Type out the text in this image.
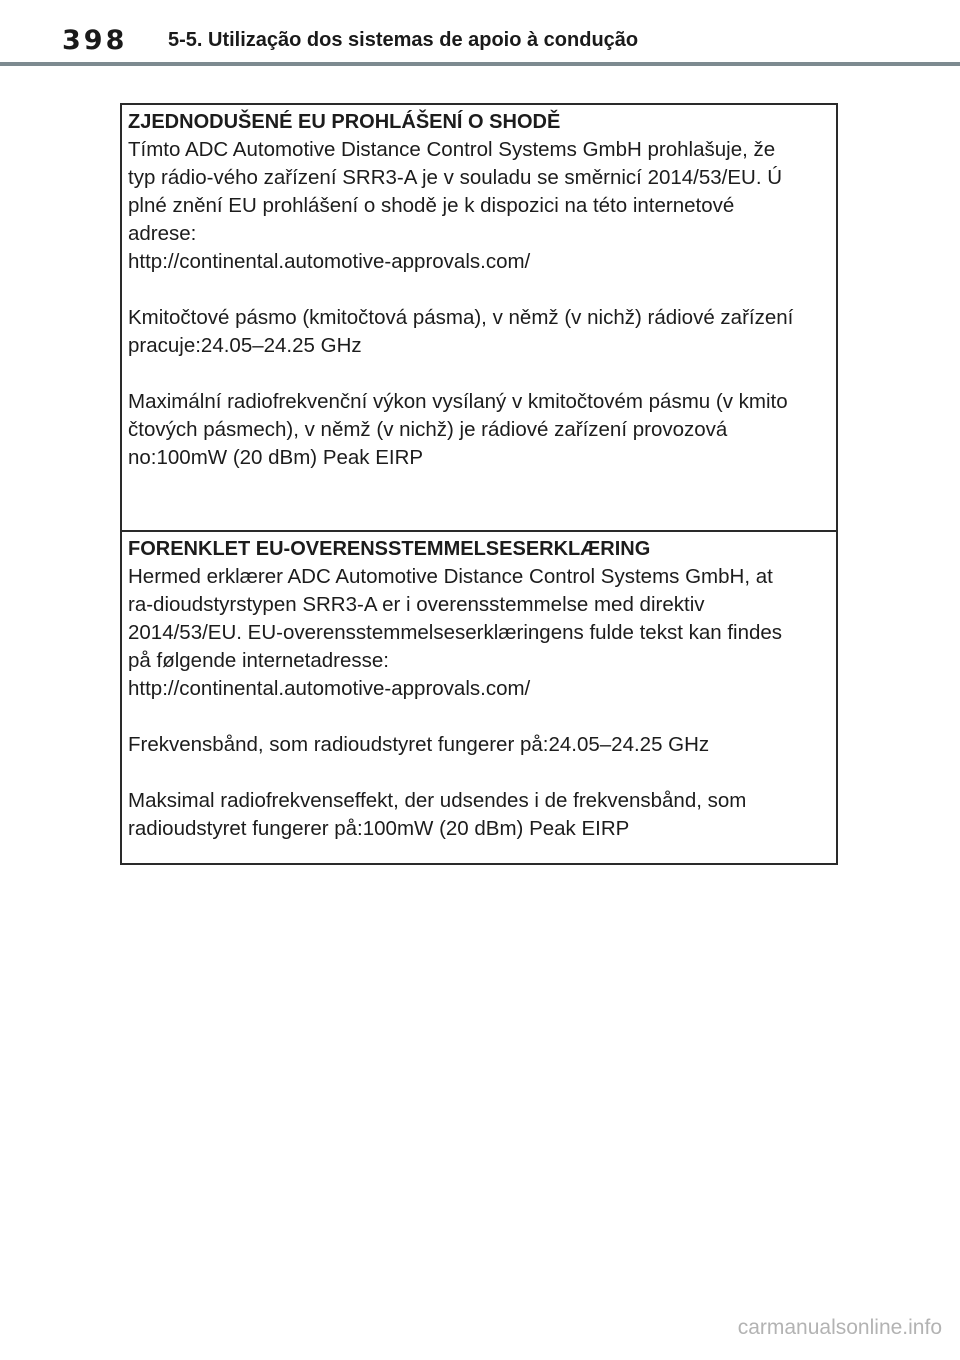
398 5-5. Utilização dos sistemas de apoio à condução
ZJEDNODUŠENÉ EU PROHLÁŠENÍ O SHODĚ
Tímto ADC Automotive Distance Control Systems GmbH prohlašuje, že
typ rádio-vého zařízení SRR3-A je v souladu se směrnicí 2014/53/EU. Ú
plné znění EU prohlášení o shodě je k dispozici na této internetové
adrese:
http://continental.automotive-approvals.com/
Kmitočtové pásmo (kmitočtová pásma), v němž (v nichž) rádiové zařízení
pracuje:24.05–24.25 GHz
Maximální radiofrekvenční výkon vysílaný v kmitočtovém pásmu (v kmito
čtových pásmech), v němž (v nichž) je rádiové zařízení provozová
no:100mW (20 dBm) Peak EIRP
FORENKLET EU-OVERENSSTEMMELSESERKLÆRING
Hermed erklærer ADC Automotive Distance Control Systems GmbH, at
ra-dioudstyrstypen SRR3-A er i overensstemmelse med direktiv
2014/53/EU. EU-overensstemmelseserklæringens fulde tekst kan findes
på følgende internetadresse:
http://continental.automotive-approvals.com/
Frekvensbånd, som radioudstyret fungerer på:24.05–24.25 GHz
Maksimal radiofrekvenseffekt, der udsendes i de frekvensbånd, som
radioudstyret fungerer på:100mW (20 dBm) Peak EIRP
carmanualsonline.info
